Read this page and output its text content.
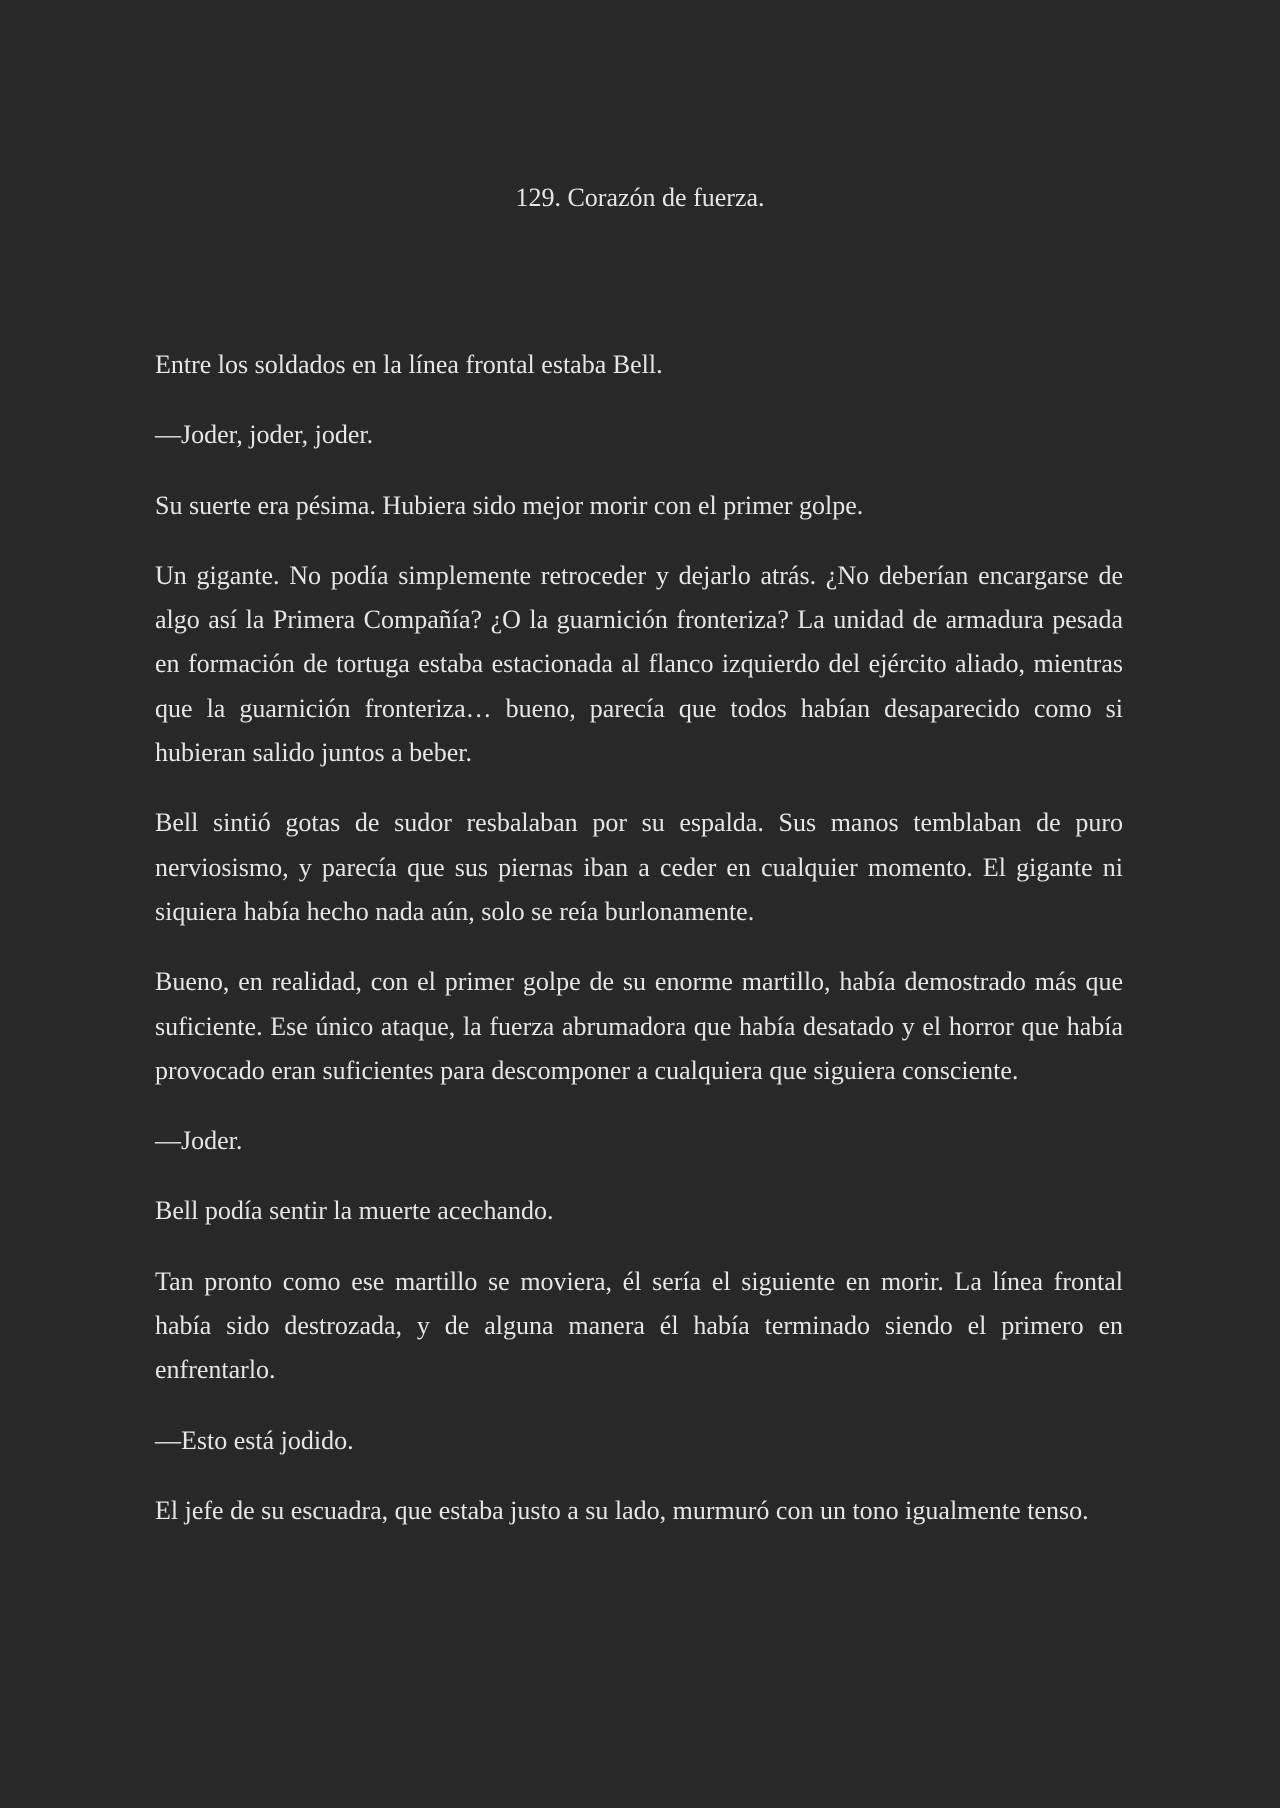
129. Corazón de fuerza.

Entre los soldados en la línea frontal estaba Bell.

—Joder, joder, joder.

Su suerte era pésima. Hubiera sido mejor morir con el primer golpe.

Un gigante. No podía simplemente retroceder y dejarlo atrás. ¿No deberían encargarse de algo así la Primera Compañía? ¿O la guarnición fronteriza? La unidad de armadura pesada en formación de tortuga estaba estacionada al flanco izquierdo del ejército aliado, mientras que la guarnición fronteriza… bueno, parecía que todos habían desaparecido como si hubieran salido juntos a beber.

Bell sintió gotas de sudor resbalaban por su espalda. Sus manos temblaban de puro nerviosismo, y parecía que sus piernas iban a ceder en cualquier momento. El gigante ni siquiera había hecho nada aún, solo se reía burlonamente.

Bueno, en realidad, con el primer golpe de su enorme martillo, había demostrado más que suficiente. Ese único ataque, la fuerza abrumadora que había desatado y el horror que había provocado eran suficientes para descomponer a cualquiera que siguiera consciente.

—Joder.

Bell podía sentir la muerte acechando.

Tan pronto como ese martillo se moviera, él sería el siguiente en morir. La línea frontal había sido destrozada, y de alguna manera él había terminado siendo el primero en enfrentarlo.

—Esto está jodido.

El jefe de su escuadra, que estaba justo a su lado, murmuró con un tono igualmente tenso.
